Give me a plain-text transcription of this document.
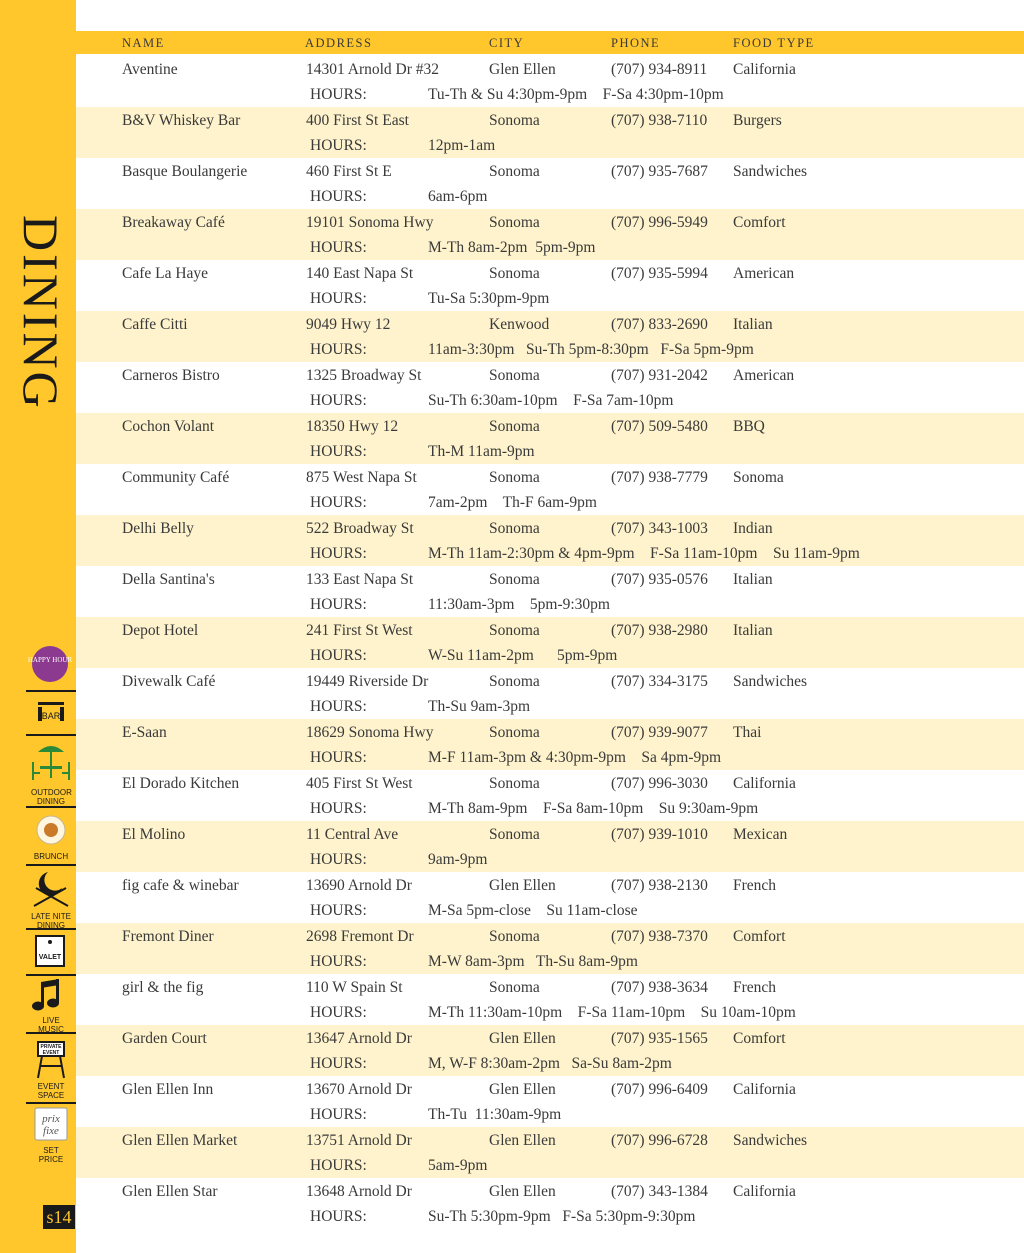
DINING
HAPPY HOUR
BAR
OUTDOOR DINING
BRUNCH
LATE NITE DINING
VALET
LIVE MUSIC
PRIVATE
EVENT
EVENT SPACE
prix
fixe
SET PRICE
s14
NAME	ADDRESS	CITY	PHONE	FOOD TYPE
Aventine	14301 Arnold Dr #32	Glen Ellen	(707) 934-8911 California
HOURS:	Tu-Th & Su 4:30pm-9pm    F-Sa 4:30pm-10pm
B&V Whiskey Bar	400 First St East	Sonoma	(707) 938-7110 Burgers
HOURS:	12pm-1am
Basque Boulangerie	460 First St E	Sonoma	(707) 935-7687 Sandwiches
HOURS:	6am-6pm
Breakaway Café	19101 Sonoma Hwy	Sonoma	(707) 996-5949 Comfort
HOURS:	M-Th 8am-2pm  5pm-9pm
Cafe La Haye	140 East Napa St	Sonoma	(707) 935-5994 American
HOURS:	Tu-Sa 5:30pm-9pm
Caffe Citti	9049 Hwy 12	Kenwood	(707) 833-2690 Italian
HOURS:	11am-3:30pm   Su-Th 5pm-8:30pm   F-Sa 5pm-9pm
Carneros Bistro	1325 Broadway St	Sonoma	(707) 931-2042 American
HOURS:	Su-Th 6:30am-10pm    F-Sa 7am-10pm
Cochon Volant	18350 Hwy 12	Sonoma	(707) 509-5480 BBQ
HOURS:	Th-M 11am-9pm
Community Café	875 West Napa St	Sonoma	(707) 938-7779 Sonoma
HOURS:	7am-2pm    Th-F 6am-9pm
Delhi Belly	522 Broadway St	Sonoma	(707) 343-1003 Indian
HOURS:	M-Th 11am-2:30pm & 4pm-9pm    F-Sa 11am-10pm    Su 11am-9pm
Della Santina's	133 East Napa St	Sonoma	(707) 935-0576 Italian
HOURS:	11:30am-3pm    5pm-9:30pm
Depot Hotel	241 First St West	Sonoma	(707) 938-2980 Italian
HOURS:	W-Su 11am-2pm      5pm-9pm
Divewalk Café	19449 Riverside Dr	Sonoma	(707) 334-3175 Sandwiches
HOURS:	Th-Su 9am-3pm
E-Saan	18629 Sonoma Hwy	Sonoma	(707) 939-9077 Thai
HOURS:	M-F 11am-3pm & 4:30pm-9pm    Sa 4pm-9pm
El Dorado Kitchen	405 First St West	Sonoma	(707) 996-3030 California
HOURS:	M-Th 8am-9pm    F-Sa 8am-10pm    Su 9:30am-9pm
El Molino	11 Central Ave	Sonoma	(707) 939-1010 Mexican
HOURS:	9am-9pm
fig cafe & winebar	13690 Arnold Dr	Glen Ellen	(707) 938-2130 French
HOURS:	M-Sa 5pm-close    Su 11am-close
Fremont Diner	2698 Fremont Dr	Sonoma	(707) 938-7370 Comfort
HOURS:	M-W 8am-3pm   Th-Su 8am-9pm
girl & the fig	110 W Spain St	Sonoma	(707) 938-3634 French
HOURS:	M-Th 11:30am-10pm    F-Sa 11am-10pm    Su 10am-10pm
Garden Court	13647 Arnold Dr	Glen Ellen	(707) 935-1565 Comfort
HOURS:	M, W-F 8:30am-2pm   Sa-Su 8am-2pm
Glen Ellen Inn	13670 Arnold Dr	Glen Ellen	(707) 996-6409 California
HOURS:	Th-Tu  11:30am-9pm
Glen Ellen Market	13751 Arnold Dr	Glen Ellen	(707) 996-6728 Sandwiches
HOURS:	5am-9pm
Glen Ellen Star	13648 Arnold Dr	Glen Ellen	(707) 343-1384 California
HOURS:	Su-Th 5:30pm-9pm   F-Sa 5:30pm-9:30pm
